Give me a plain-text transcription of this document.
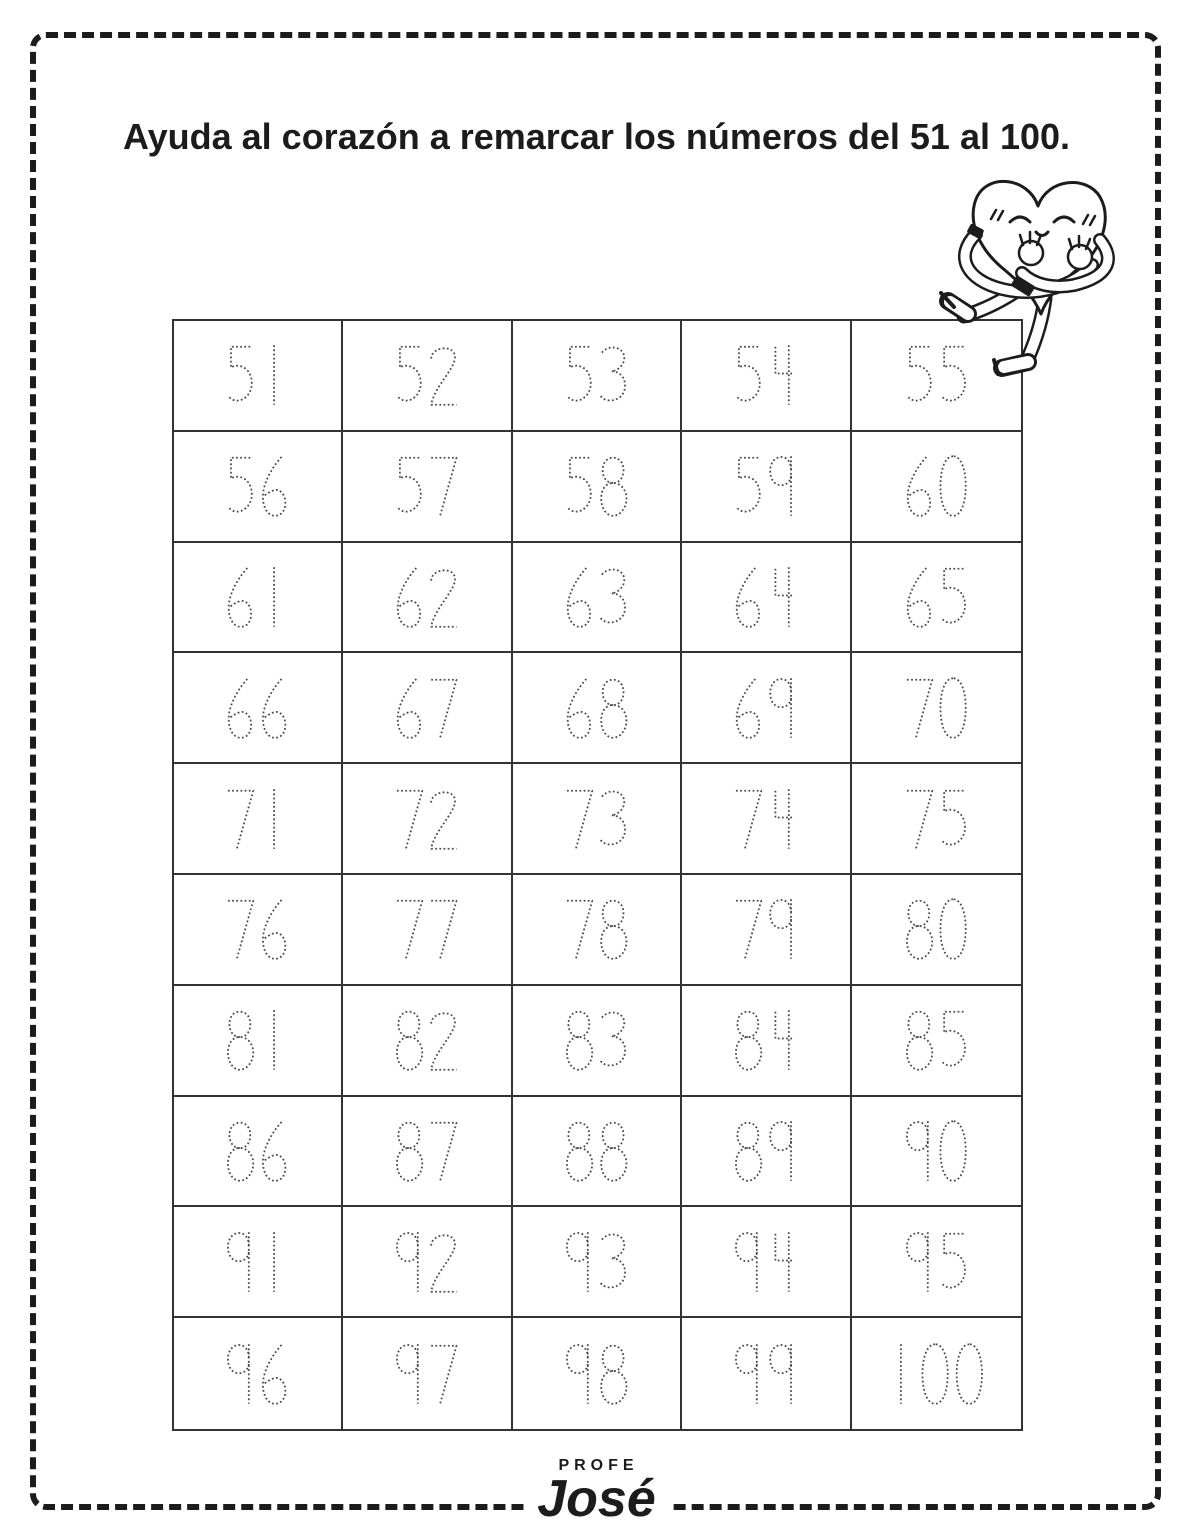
Ayuda al corazón a remarcar los números del 51 al 100.
PROFE
José
